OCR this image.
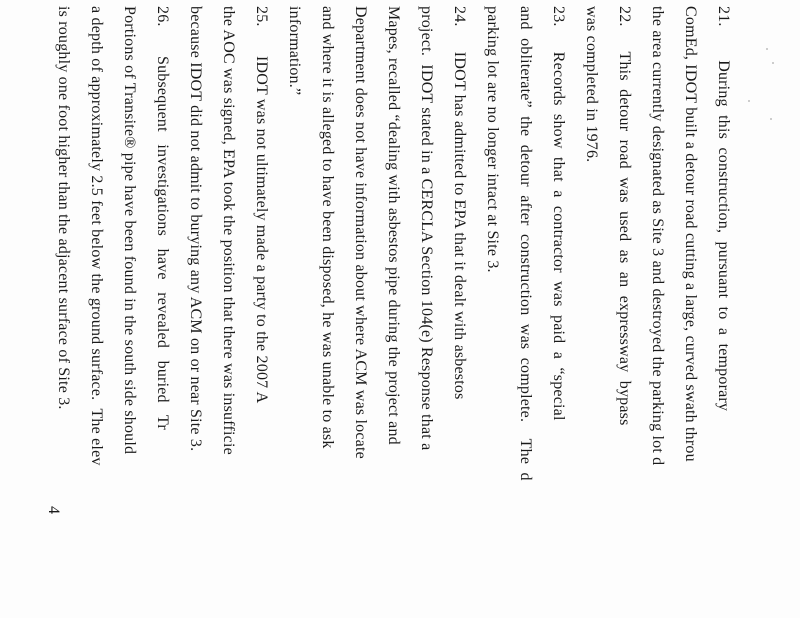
21.        During  this  construction,  pursuant  to  a  temporary
ComEd, IDOT built a detour road cutting a large, curved swath throu
the area currently designated as Site 3 and destroyed the parking lot d
22.      This  detour  road  was  used  as  an  expressway  bypass
was completed in 1976.
23.      Records  show  that  a  contractor  was  paid  a  “special
and  obliterate”  the  detour  after  construction  was  complete.    The  d
parking lot are no longer intact at Site 3.
24.      IDOT has admitted to EPA that it dealt with asbestos
project.  IDOT stated in a CERCLA Section 104(e) Response that a
Mapes, recalled “dealing with asbestos pipe during the project and
Department does not have information about where ACM was locate
and where it is alleged to have been disposed, he was unable to ask
information.”
25.       IDOT was not ultimately made a party to the 2007 A
the AOC was signed, EPA took the position that there was insufficie
because IDOT did not admit to burying any ACM on or near Site 3.
26.       Subsequent   investigations   have   revealed   buried   Tr
Portions of Transite® pipe have been found in the south side should
a depth of approximately 2.5 feet below the ground surface.  The elev
is roughly one foot higher than the adjacent surface of Site 3.
4
